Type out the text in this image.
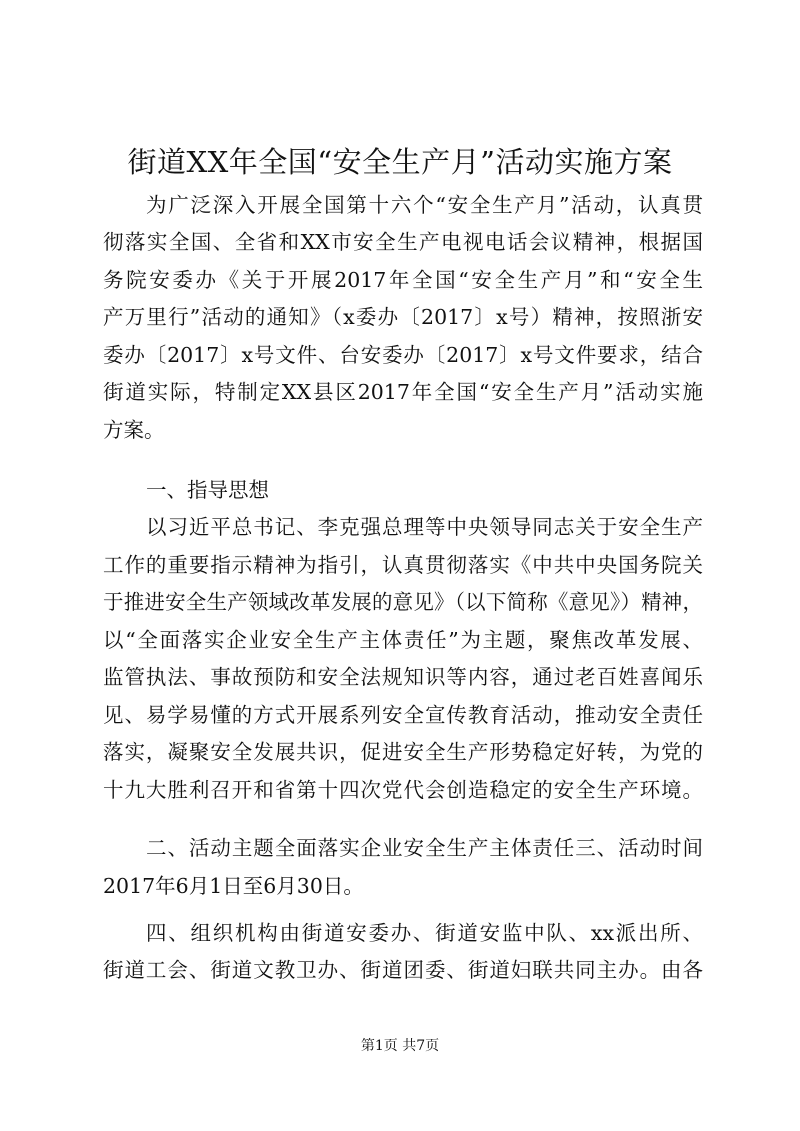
街道XX年全国“安全生产月”活动实施方案
为广泛深入开展全国第十六个“安全生产月”活动，认真贯
彻落实全国、全省和XX市安全生产电视电话会议精神，根据国
务院安委办《关于开展2017年全国“安全生产月”和“安全生
产万里行”活动的通知》（x委办〔2017〕x号）精神，按照浙安
委办〔2017〕x号文件、台安委办〔2017〕x号文件要求，结合
街道实际，特制定XX县区2017年全国“安全生产月”活动实施
方案。
一、指导思想
以习近平总书记、李克强总理等中央领导同志关于安全生产
工作的重要指示精神为指引，认真贯彻落实《中共中央国务院关
于推进安全生产领域改革发展的意见》（以下简称《意见》）精神，
以“全面落实企业安全生产主体责任”为主题，聚焦改革发展、
监管执法、事故预防和安全法规知识等内容，通过老百姓喜闻乐
见、易学易懂的方式开展系列安全宣传教育活动，推动安全责任
落实，凝聚安全发展共识，促进安全生产形势稳定好转，为党的
十九大胜利召开和省第十四次党代会创造稳定的安全生产环境。
二、活动主题全面落实企业安全生产主体责任三、活动时间
2017年6月1日至6月30日。
四、组织机构由街道安委办、街道安监中队、xx派出所、
街道工会、街道文教卫办、街道团委、街道妇联共同主办。由各
第1页 共7页
